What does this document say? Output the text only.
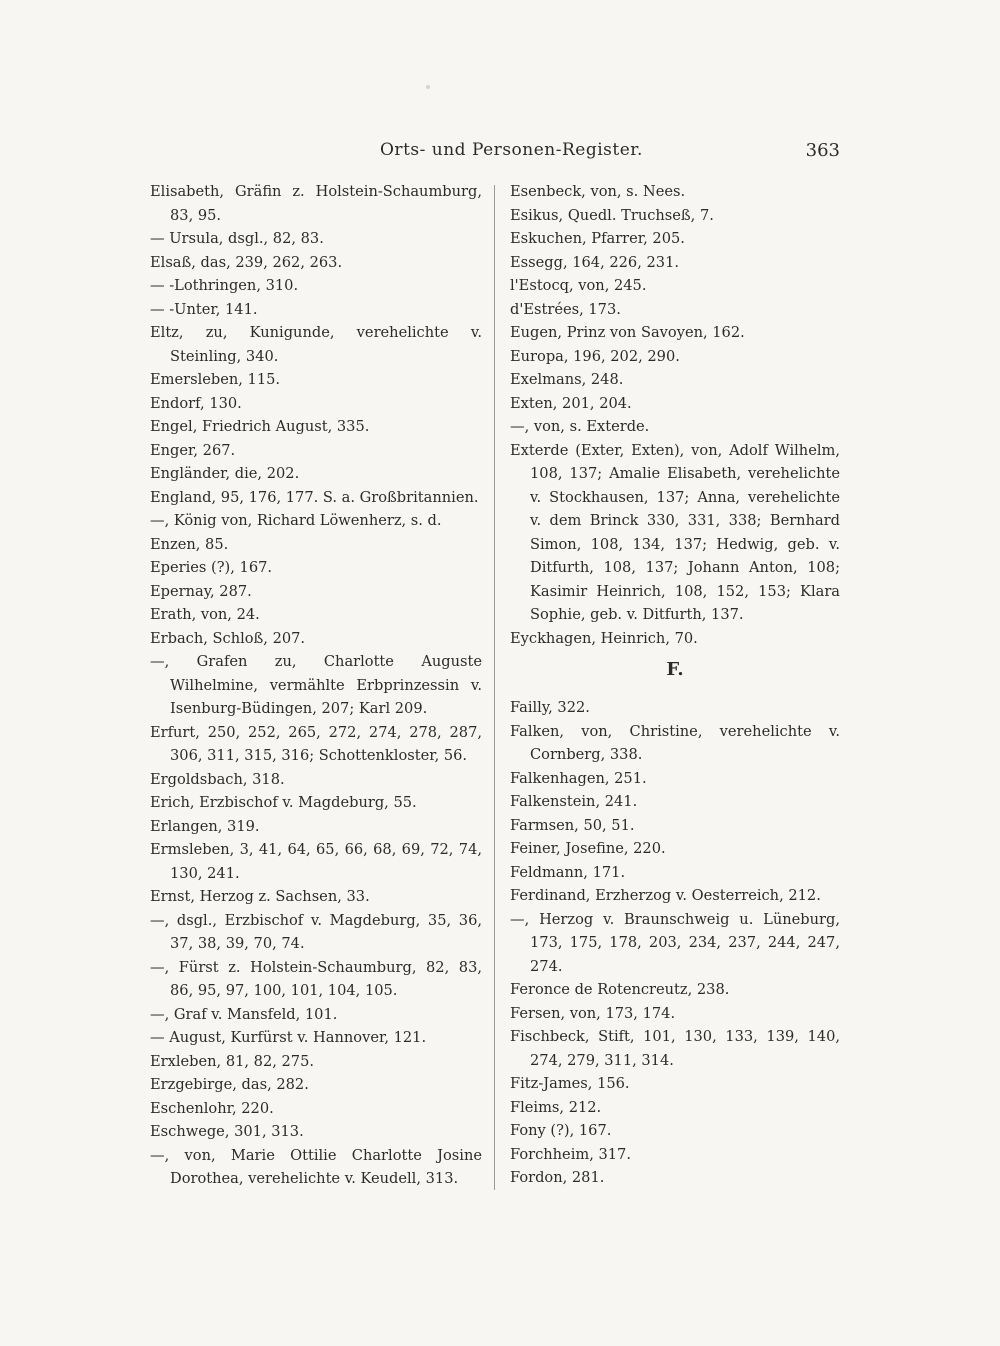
Orts- und Personen-Register.	363
Elisabeth, Gräfin z. Holstein-Schaumburg, 83, 95.
— Ursula, dsgl., 82, 83.
Elsaß, das, 239, 262, 263.
— -Lothringen, 310.
— -Unter, 141.
Eltz, zu, Kunigunde, verehelichte v. Steinling, 340.
Emersleben, 115.
Endorf, 130.
Engel, Friedrich August, 335.
Enger, 267.
Engländer, die, 202.
England, 95, 176, 177. S. a. Großbritannien.
—, König von, Richard Löwenherz, s. d.
Enzen, 85.
Eperies (?), 167.
Epernay, 287.
Erath, von, 24.
Erbach, Schloß, 207.
—, Grafen zu, Charlotte Auguste Wilhelmine, vermählte Erbprinzessin v. Isenburg-Büdingen, 207; Karl 209.
Erfurt, 250, 252, 265, 272, 274, 278, 287, 306, 311, 315, 316; Schottenkloster, 56.
Ergoldsbach, 318.
Erich, Erzbischof v. Magdeburg, 55.
Erlangen, 319.
Ermsleben, 3, 41, 64, 65, 66, 68, 69, 72, 74, 130, 241.
Ernst, Herzog z. Sachsen, 33.
—, dsgl., Erzbischof v. Magdeburg, 35, 36, 37, 38, 39, 70, 74.
—, Fürst z. Holstein-Schaumburg, 82, 83, 86, 95, 97, 100, 101, 104, 105.
—, Graf v. Mansfeld, 101.
— August, Kurfürst v. Hannover, 121.
Erxleben, 81, 82, 275.
Erzgebirge, das, 282.
Eschenlohr, 220.
Eschwege, 301, 313.
—, von, Marie Ottilie Charlotte Josine Dorothea, verehelichte v. Keudell, 313.
Esenbeck, von, s. Nees.
Esikus, Quedl. Truchseß, 7.
Eskuchen, Pfarrer, 205.
Essegg, 164, 226, 231.
l'Estocq, von, 245.
d'Estrées, 173.
Eugen, Prinz von Savoyen, 162.
Europa, 196, 202, 290.
Exelmans, 248.
Exten, 201, 204.
—, von, s. Exterde.
Exterde (Exter, Exten), von, Adolf Wilhelm, 108, 137; Amalie Elisabeth, verehelichte v. Stockhausen, 137; Anna, verehelichte v. dem Brinck 330, 331, 338; Bernhard Simon, 108, 134, 137; Hedwig, geb. v. Ditfurth, 108, 137; Johann Anton, 108; Kasimir Heinrich, 108, 152, 153; Klara Sophie, geb. v. Ditfurth, 137.
Eyckhagen, Heinrich, 70.
F.
Failly, 322.
Falken, von, Christine, verehelichte v. Cornberg, 338.
Falkenhagen, 251.
Falkenstein, 241.
Farmsen, 50, 51.
Feiner, Josefine, 220.
Feldmann, 171.
Ferdinand, Erzherzog v. Oesterreich, 212.
—, Herzog v. Braunschweig u. Lüneburg, 173, 175, 178, 203, 234, 237, 244, 247, 274.
Feronce de Rotencreutz, 238.
Fersen, von, 173, 174.
Fischbeck, Stift, 101, 130, 133, 139, 140, 274, 279, 311, 314.
Fitz-James, 156.
Fleims, 212.
Fony (?), 167.
Forchheim, 317.
Fordon, 281.
